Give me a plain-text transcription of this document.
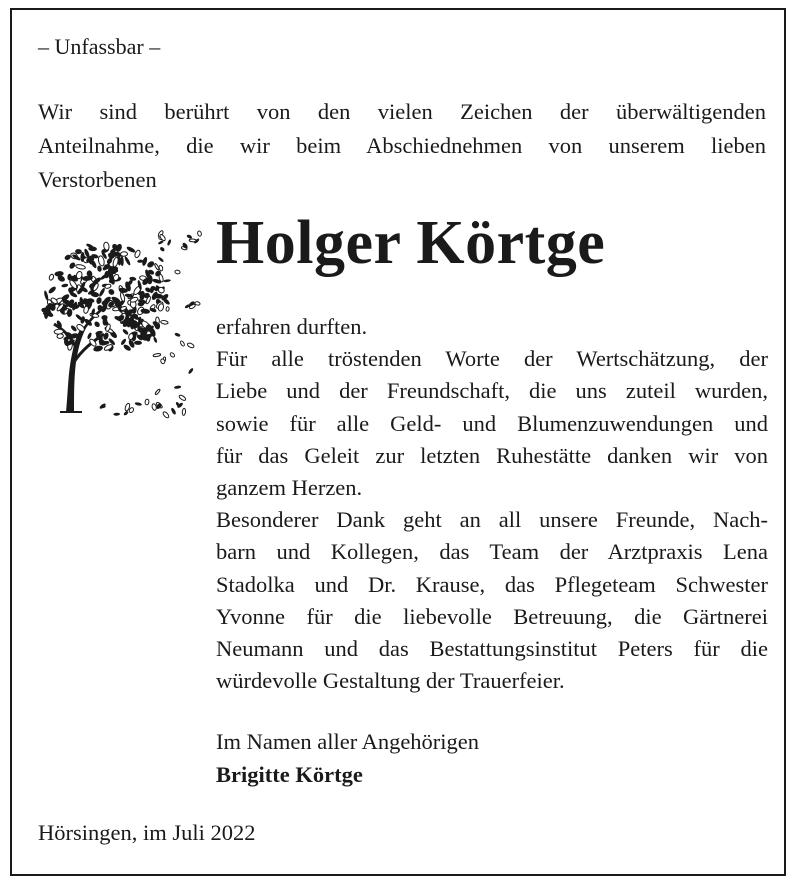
– Unfassbar –
Wir sind berührt von den vielen Zeichen der überwältigenden
Anteilnahme, die wir beim Abschiednehmen von unserem lieben
Verstorbenen
Holger Körtge
erfahren durften.
Für alle tröstenden Worte der Wertschätzung, der
Liebe und der Freundschaft, die uns zuteil wurden,
sowie für alle Geld- und Blumenzuwendungen und
für das Geleit zur letzten Ruhestätte danken wir von
ganzem Herzen.
Besonderer Dank geht an all unsere Freunde, Nach-
barn und Kollegen, das Team der Arztpraxis Lena
Stadolka und Dr. Krause, das Pflegeteam Schwester
Yvonne für die liebevolle Betreuung, die Gärtnerei
Neumann und das Bestattungsinstitut Peters für die
würdevolle Gestaltung der Trauerfeier.
Im Namen aller Angehörigen
Brigitte Körtge
Hörsingen, im Juli 2022
